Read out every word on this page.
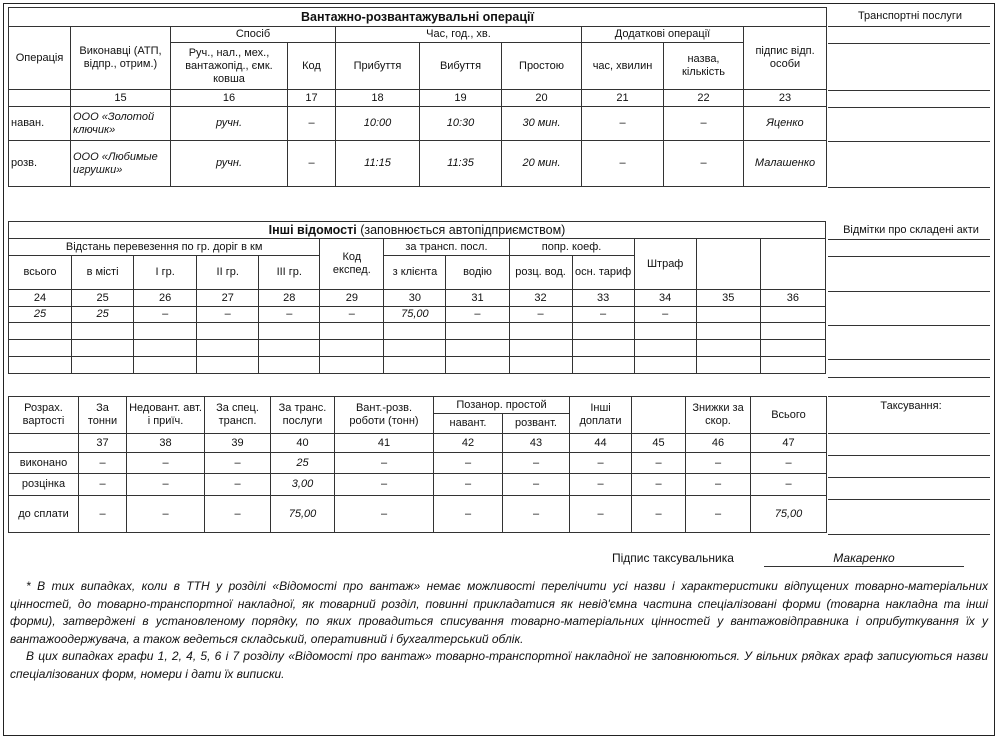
Вантажно-розвантажувальні операції									
Операція	Виконавці (АТП, відпр., отрим.)	Спосіб		Час, год., хв.			Додаткові операції		підпис відп. особи
		Руч., нал., мех., вантажопід., ємк. ковша	Код	Прибуття	Вибуття	Простою	час, хвилин	назва, кількість	
	15	16	17	18	19	20	21	22	23
наван.	ООО «Золотой ключик»	ручн.	–	10:00	10:30	30 мин.	–	–	Яценко
розв.	ООО «Любимые игрушки»	ручн.	–	11:15	11:35	20 мин.	–	–	Малашенко
Транспортні послуги
Інші відомості (заповнюється автопідприємством)												
Відстань перевезення по гр. доріг в км					Код експед.	за трансп. посл.		попр. коеф.		Штраф		
всього	в місті	I гр.	II гр.	III гр.		з клієнта	водію	розц. вод.	осн. тариф			
24	25	26	27	28	29	30	31	32	33	34	35	36
25	25	–	–	–	–	75,00	–	–	–	–		

Відмітки про складені акти
Розрах. вартості	За тонни	Недовант. авт. і приїч.	За спец. трансп.	За транс. послуги	Вант.-розв. роботи (тонн)	Позанор. простой		Інші доплати		Знижки за скор.	Всього
						навант.	розвант.				
	37	38	39	40	41	42	43	44	45	46	47
виконано	–	–	–	25	–	–	–	–	–	–	–
розцінка	–	–	–	3,00	–	–	–	–	–	–	–
до сплати	–	–	–	75,00	–	–	–	–	–	–	75,00
Таксування:
Підпис таксувальника	Макаренко

* В тих випадках, коли в ТТН у розділі «Відомості про вантаж» немає можливості перелічити усі назви і характеристики відпущених товарно-матеріальних цінностей, до товарно-транспортної накладної, як товарний розділ, повинні прикладатися як невід'ємна частина спеціалізовані форми (товарна накладна та інші форми), затверджені в установленому порядку, по яких провадиться списування товарно-матеріальних цінностей у вантажовідправника і оприбуткування їх у вантажоодержувача, а також ведеться складський, оперативний і бухгалтерський облік.

В цих випадках графи 1, 2, 4, 5, 6 і 7 розділу «Відомості про вантаж» товарно-транспортної накладної не заповнюються. У вільних рядках граф записуються назви спеціалізованих форм, номери і дати їх виписки.
